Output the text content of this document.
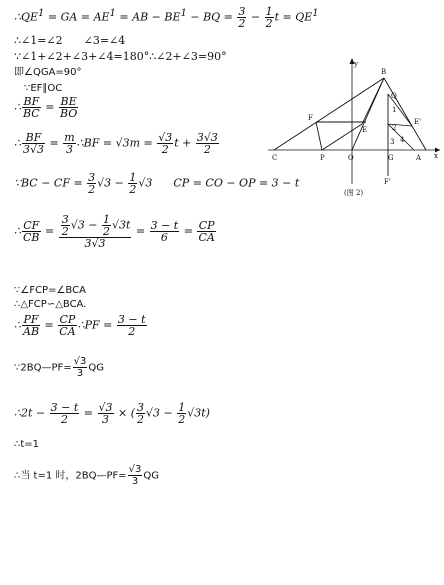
$\therefore QE^1$ = GA = $AE^1$ = AB − $BE^1$ − BQ = $\frac{3}{2} - \frac{1}{2}$ $t = QE^1$
∴∠1=∠2      ∠3=∠4
∵∠1+∠2+∠3+∠4=180°∴∠2+∠3=90°
即∠QGA=90°
∵EF∥OC
∴ $\frac{BF}{BC} = \frac{BE}{BO}$
∴ $\frac{BF}{3√3} = \frac{m}{3}$ ∴BF = $√3m = \frac{√3}{2}$ $t + \frac{3√3}{2}$
∵BC − CF = $\frac{3}{2} √3 - \frac{1}{2} √3$      CP = CO − OP = 3 − t
∴ $\frac{CF}{CB} = \frac{\frac{3}{2} √3 - \frac{1}{2} √3t}{3√3} = \frac{3 - t}{6} = \frac{CP}{CA}$
∵∠FCP=∠BCA
∴△FCP∽△BCA.
∴ $\frac{PF}{AB} = \frac{CP}{CA}$ ∴PF = $\frac{3 - t}{2}$
∵2BQ—PF= $\frac{√3}{3}$ QG
∴2t − $\frac{3 - t}{2} = \frac{√3}{3}$ × ( $\frac{3}{2} √3 - \frac{1}{2} √3t$)
∴t=1
∴当 t=1 时，2BQ—PF= $\frac{√3}{3}$ QG
y
x
B
Q
E'
F
E
1
2
3 4
C	P	O	G	A
F'
(图 2)
